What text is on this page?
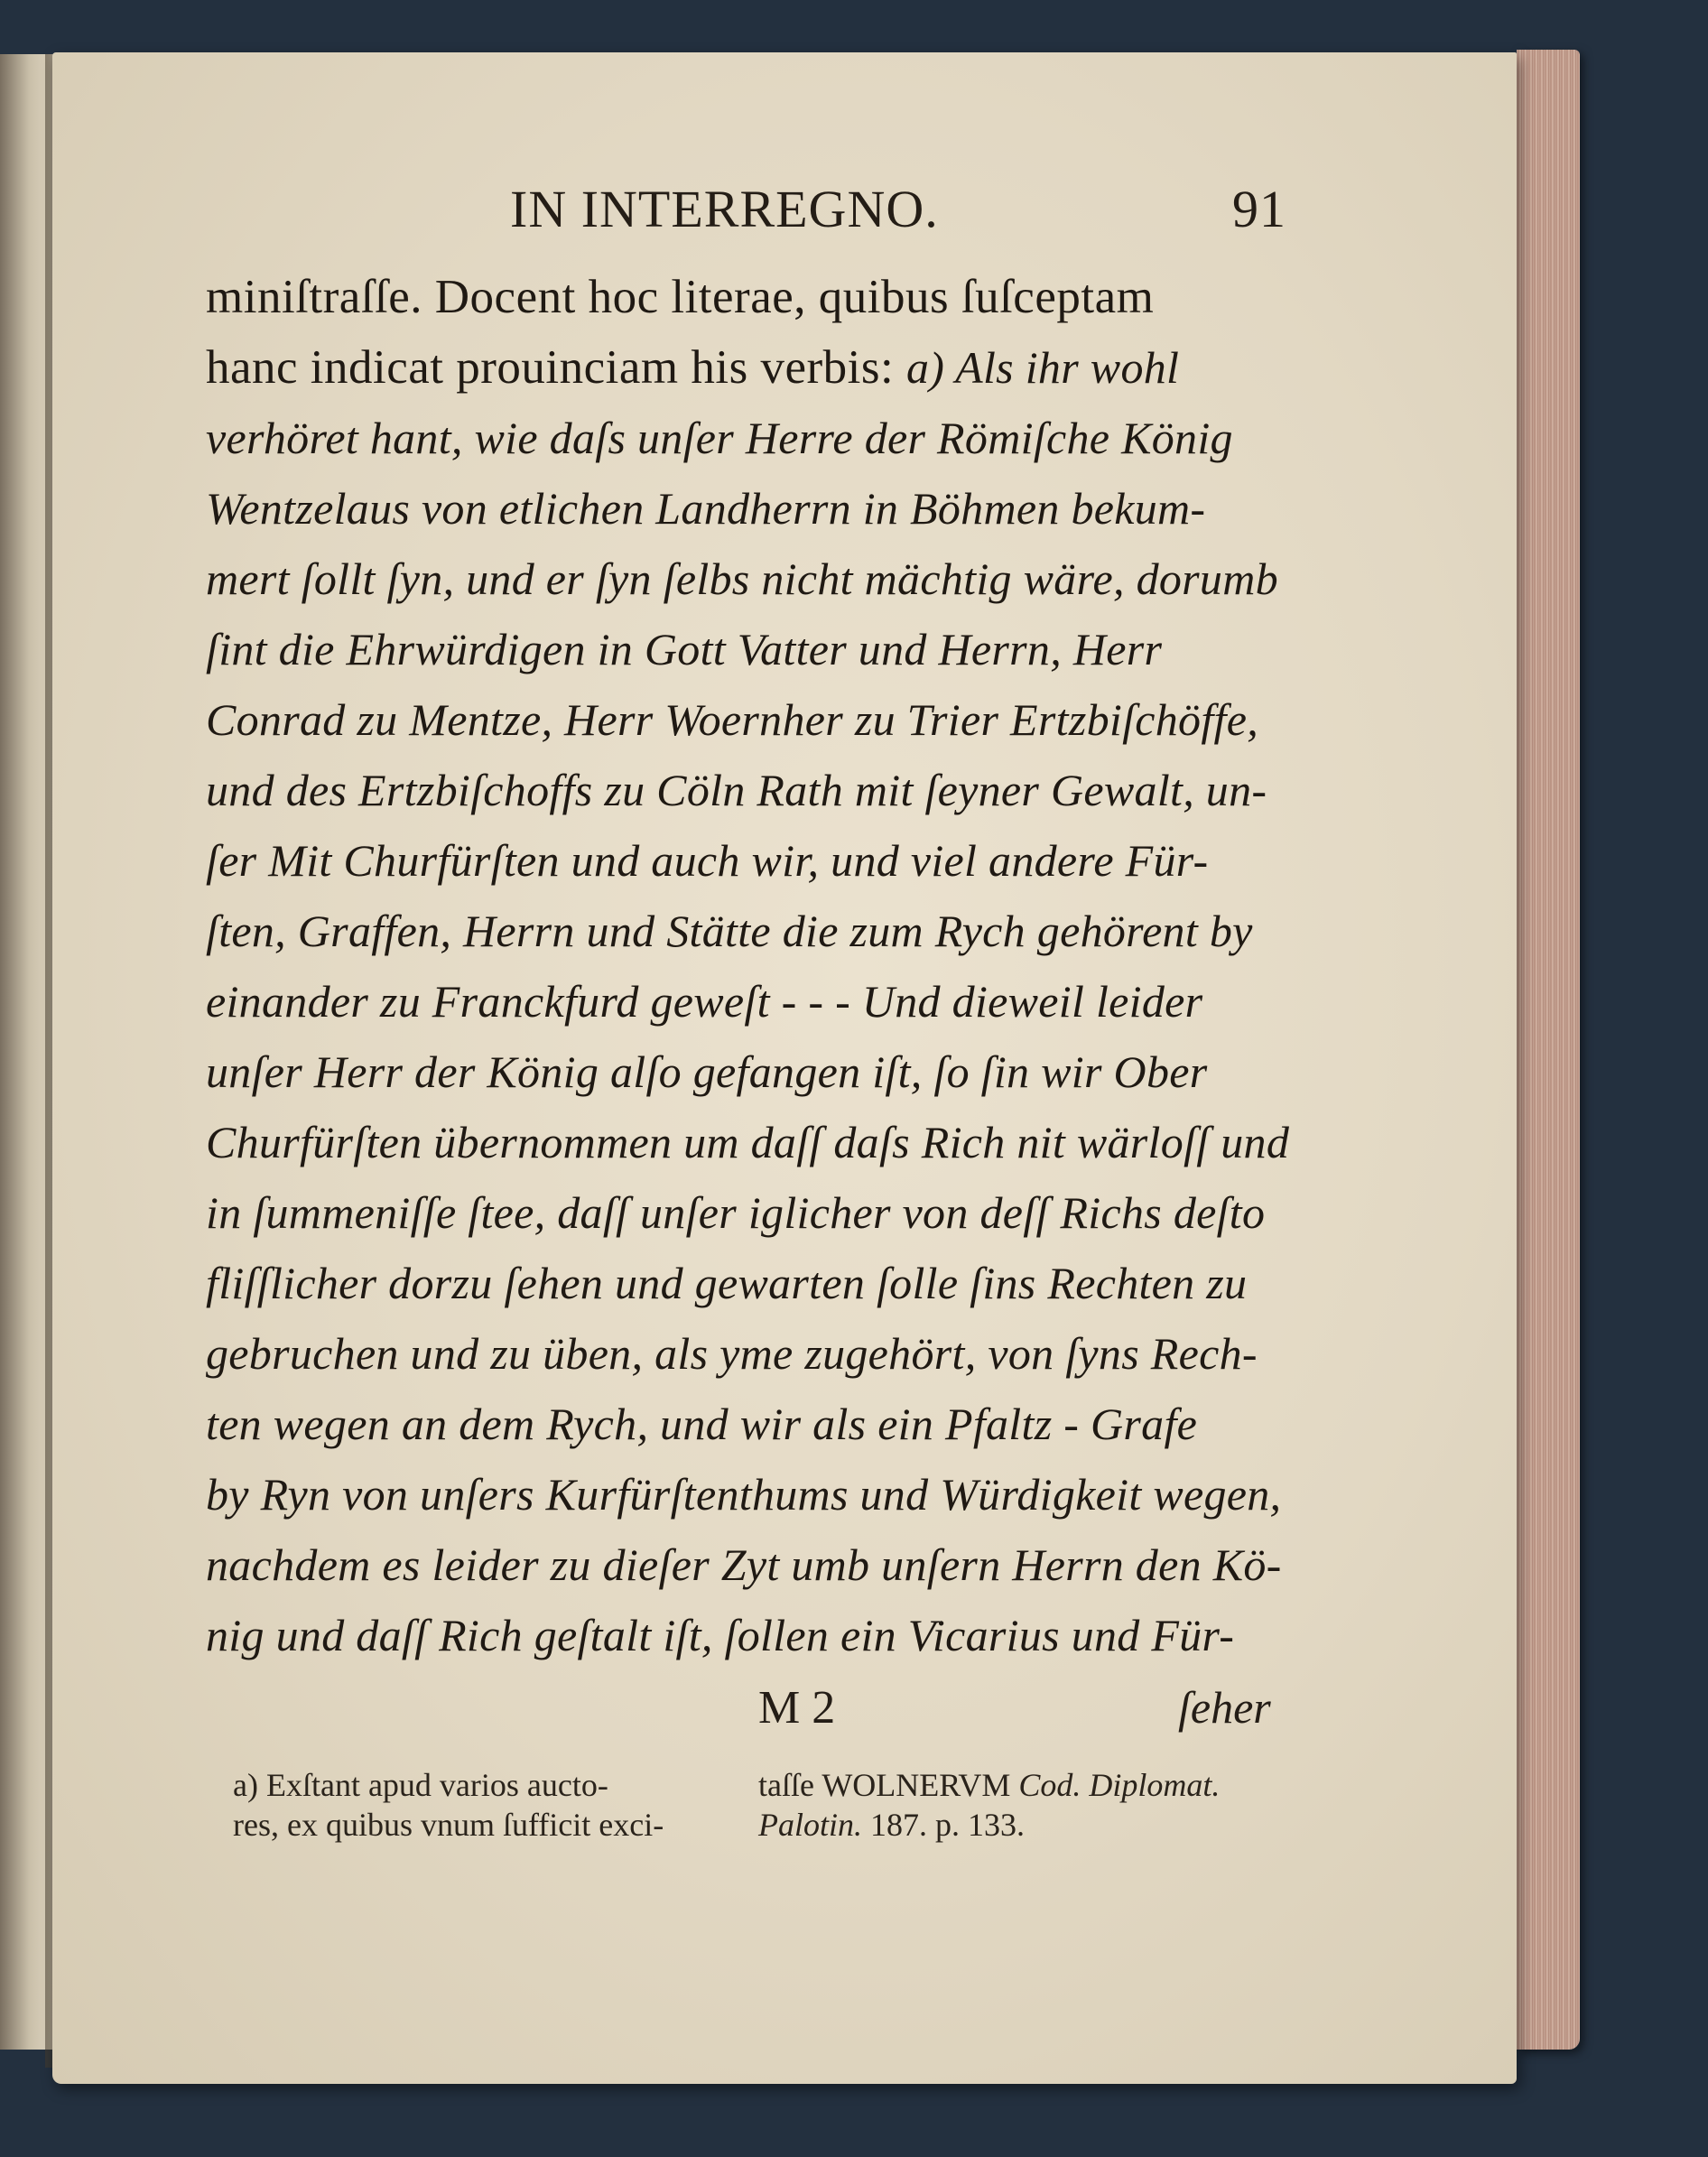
IN INTERREGNO.	91
miniſtraſſe. Docent hoc literae, quibus ſuſceptam
hanc indicat prouinciam his verbis: a) Als ihr wohl
verhöret hant, wie daſs unſer Herre der Römiſche König
Wentzelaus von etlichen Landherrn in Böhmen bekum-
mert ſollt ſyn, und er ſyn ſelbs nicht mächtig wäre, dorumb
ſint die Ehrwürdigen in Gott Vatter und Herrn, Herr
Conrad zu Mentze, Herr Woernher zu Trier Ertzbiſchöffe,
und des Ertzbiſchoffs zu Cöln Rath mit ſeyner Gewalt, un-
ſer Mit Churfürſten und auch wir, und viel andere Für-
ſten, Graffen, Herrn und Stätte die zum Rych gehörent by
einander zu Franckfurd geweſt - - - Und dieweil leider
unſer Herr der König alſo gefangen iſt, ſo ſin wir Ober
Churfürſten übernommen um daſſ daſs Rich nit wärloſſ und
in ſummeniſſe ſtee, daſſ unſer iglicher von deſſ Richs deſto
fliſſlicher dorzu ſehen und gewarten ſolle ſins Rechten zu
gebruchen und zu üben, als yme zugehört, von ſyns Rech-
ten wegen an dem Rych, und wir als ein Pfaltz - Grafe
by Ryn von unſers Kurfürſtenthums und Würdigkeit wegen,
nachdem es leider zu dieſer Zyt umb unſern Herrn den Kö-
nig und daſſ Rich geſtalt iſt, ſollen ein Vicarius und Für-
M 2	ſeher
a) Exſtant apud varios aucto-
res, ex quibus vnum ſufficit exci-
taſſe WOLNERVM Cod. Diplomat.
Palotin. 187. p. 133.
